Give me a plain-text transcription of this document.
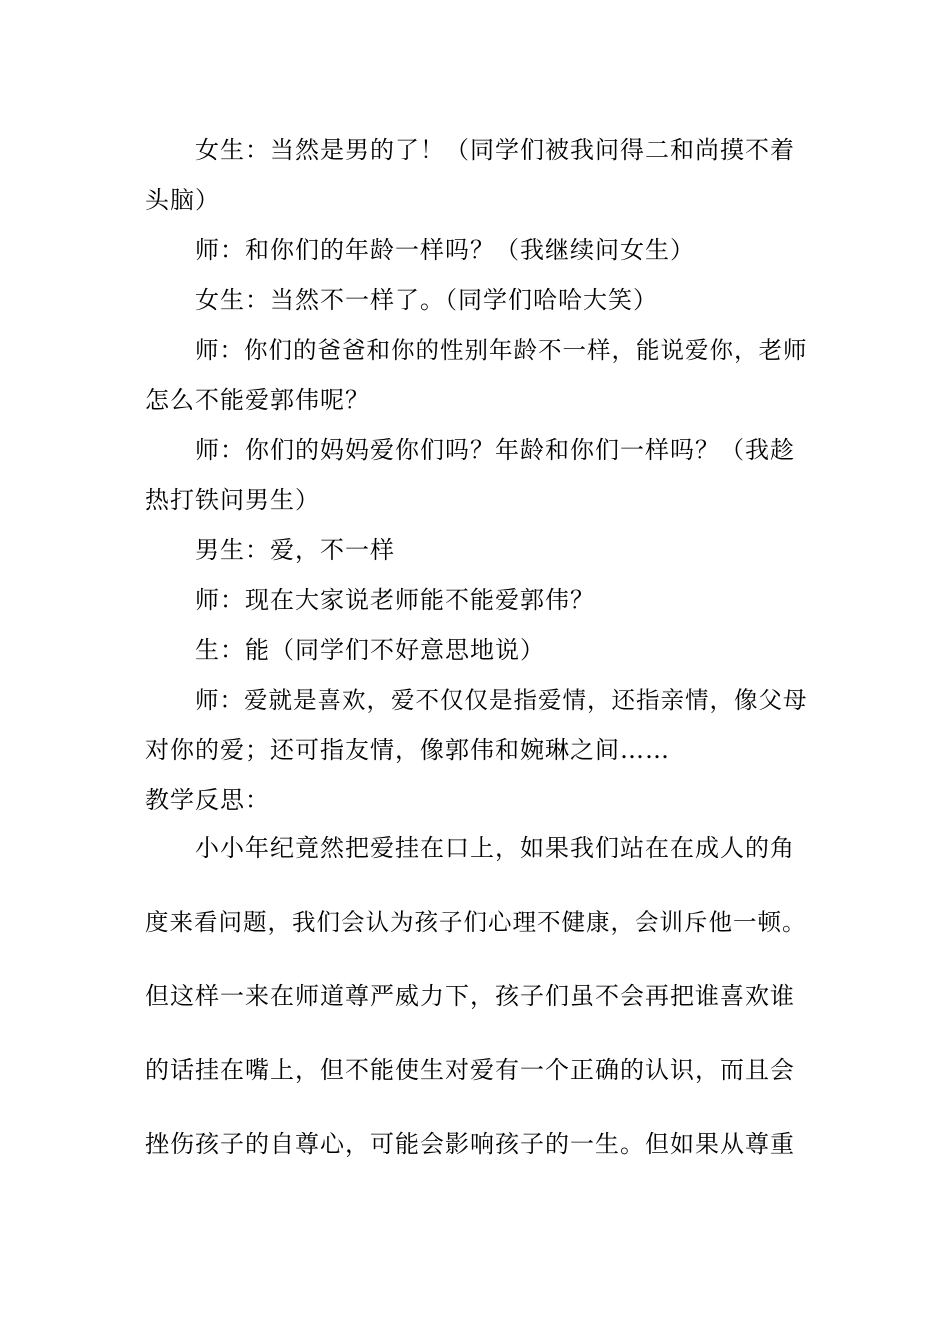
女生：当然是男的了！（同学们被我问得二和尚摸不着
头脑）
师：和你们的年龄一样吗？（我继续问女生）
女生：当然不一样了。（同学们哈哈大笑）
师：你们的爸爸和你的性别年龄不一样，能说爱你，老师
怎么不能爱郭伟呢？
师：你们的妈妈爱你们吗？年龄和你们一样吗？（我趁
热打铁问男生）
男生：爱，不一样
师：现在大家说老师能不能爱郭伟？
生：能（同学们不好意思地说）
师：爱就是喜欢，爱不仅仅是指爱情，还指亲情，像父母
对你的爱；还可指友情，像郭伟和婉琳之间……
教学反思：
小小年纪竟然把爱挂在口上，如果我们站在在成人的角
度来看问题，我们会认为孩子们心理不健康，会训斥他一顿。
但这样一来在师道尊严威力下，孩子们虽不会再把谁喜欢谁
的话挂在嘴上，但不能使生对爱有一个正确的认识，而且会
挫伤孩子的自尊心，可能会影响孩子的一生。但如果从尊重
